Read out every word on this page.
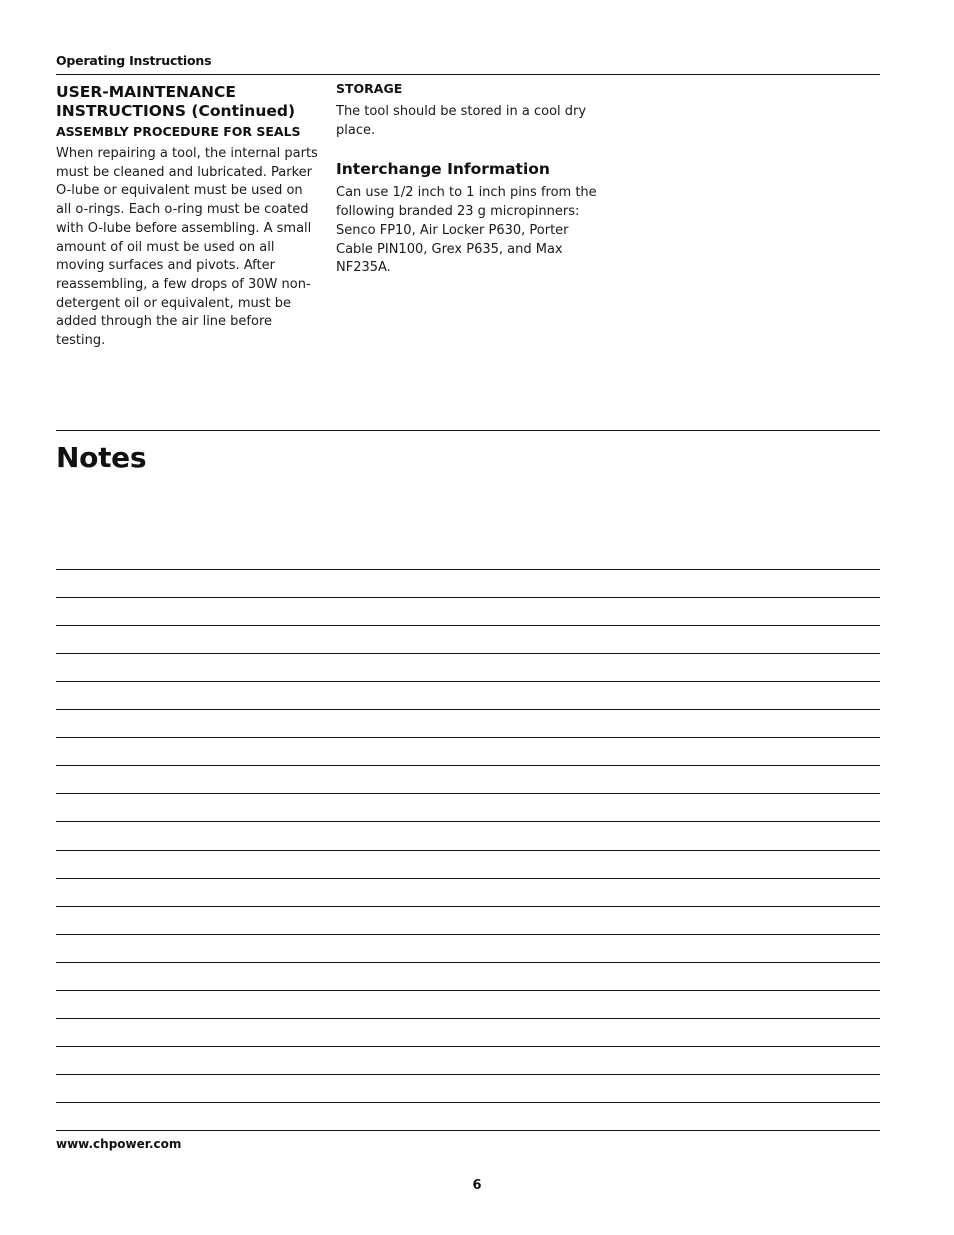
Operating Instructions
USER-MAINTENANCE INSTRUCTIONS (Continued)
ASSEMBLY PROCEDURE FOR SEALS

When repairing a tool, the internal parts must be cleaned and lubricated. Parker O-lube or equivalent must be used on all o-rings. Each o-ring must be coated with O-lube before assembling. A small amount of oil must be used on all moving surfaces and pivots. After reassembling, a few drops of 30W non-detergent oil or equivalent, must be added through the air line before testing.

STORAGE

The tool should be stored in a cool dry place.

Interchange Information

Can use 1/2 inch to 1 inch pins from the following branded 23 g micropinners: Senco FP10, Air Locker P630, Porter Cable PIN100, Grex P635, and Max NF235A.

Notes
www.chpower.com
6
